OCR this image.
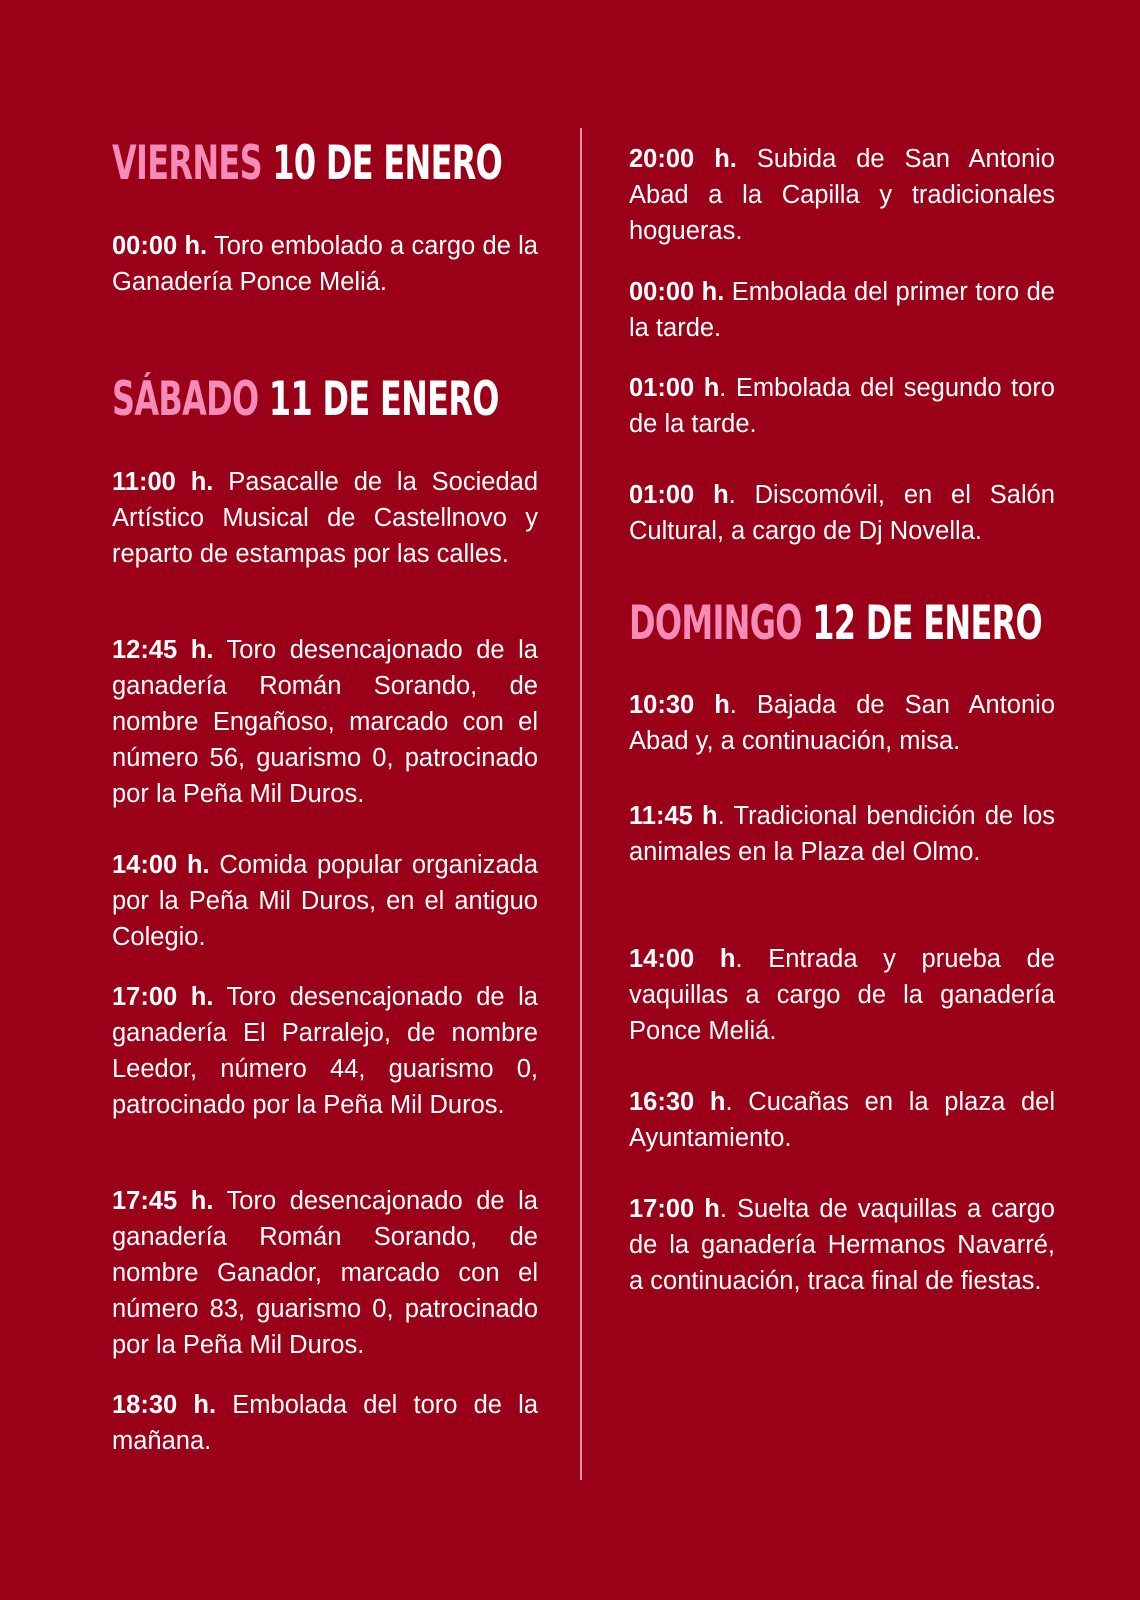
VIERNES 10 DE ENERO

00:00 h. Toro embolado a cargo de la Ganadería Ponce Meliá.

SÁBADO 11 DE ENERO

11:00 h. Pasacalle de la Sociedad Artístico Musical de Castellnovo y reparto de estampas por las calles.

12:45 h. Toro desencajonado de la ganadería Román Sorando, de nombre Engañoso, marcado con el número 56, guarismo 0, patrocinado por la Peña Mil Duros.

14:00 h. Comida popular organizada por la Peña Mil Duros, en el antiguo Colegio.

17:00 h. Toro desencajonado de la ganadería El Parralejo, de nombre Leedor, número 44, guarismo 0, patrocinado por la Peña Mil Duros.

17:45 h. Toro desencajonado de la ganadería Román Sorando, de nombre Ganador, marcado con el número 83, guarismo 0, patrocinado por la Peña Mil Duros.

18:30 h. Embolada del toro de la mañana.

20:00 h. Subida de San Antonio Abad a la Capilla y tradicionales hogueras.

00:00 h. Embolada del primer toro de la tarde.

01:00 h. Embolada del segundo toro de la tarde.

01:00 h. Discomóvil, en el Salón Cultural, a cargo de Dj Novella.

DOMINGO 12 DE ENERO

10:30 h. Bajada de San Antonio Abad y, a continuación, misa.

11:45 h. Tradicional bendición de los animales en la Plaza del Olmo.

14:00 h. Entrada y prueba de vaquillas a cargo de la ganadería Ponce Meliá.

16:30 h. Cucañas en la plaza del Ayuntamiento.

17:00 h. Suelta de vaquillas a cargo de la ganadería Hermanos Navarré, a continuación, traca final de fiestas.
